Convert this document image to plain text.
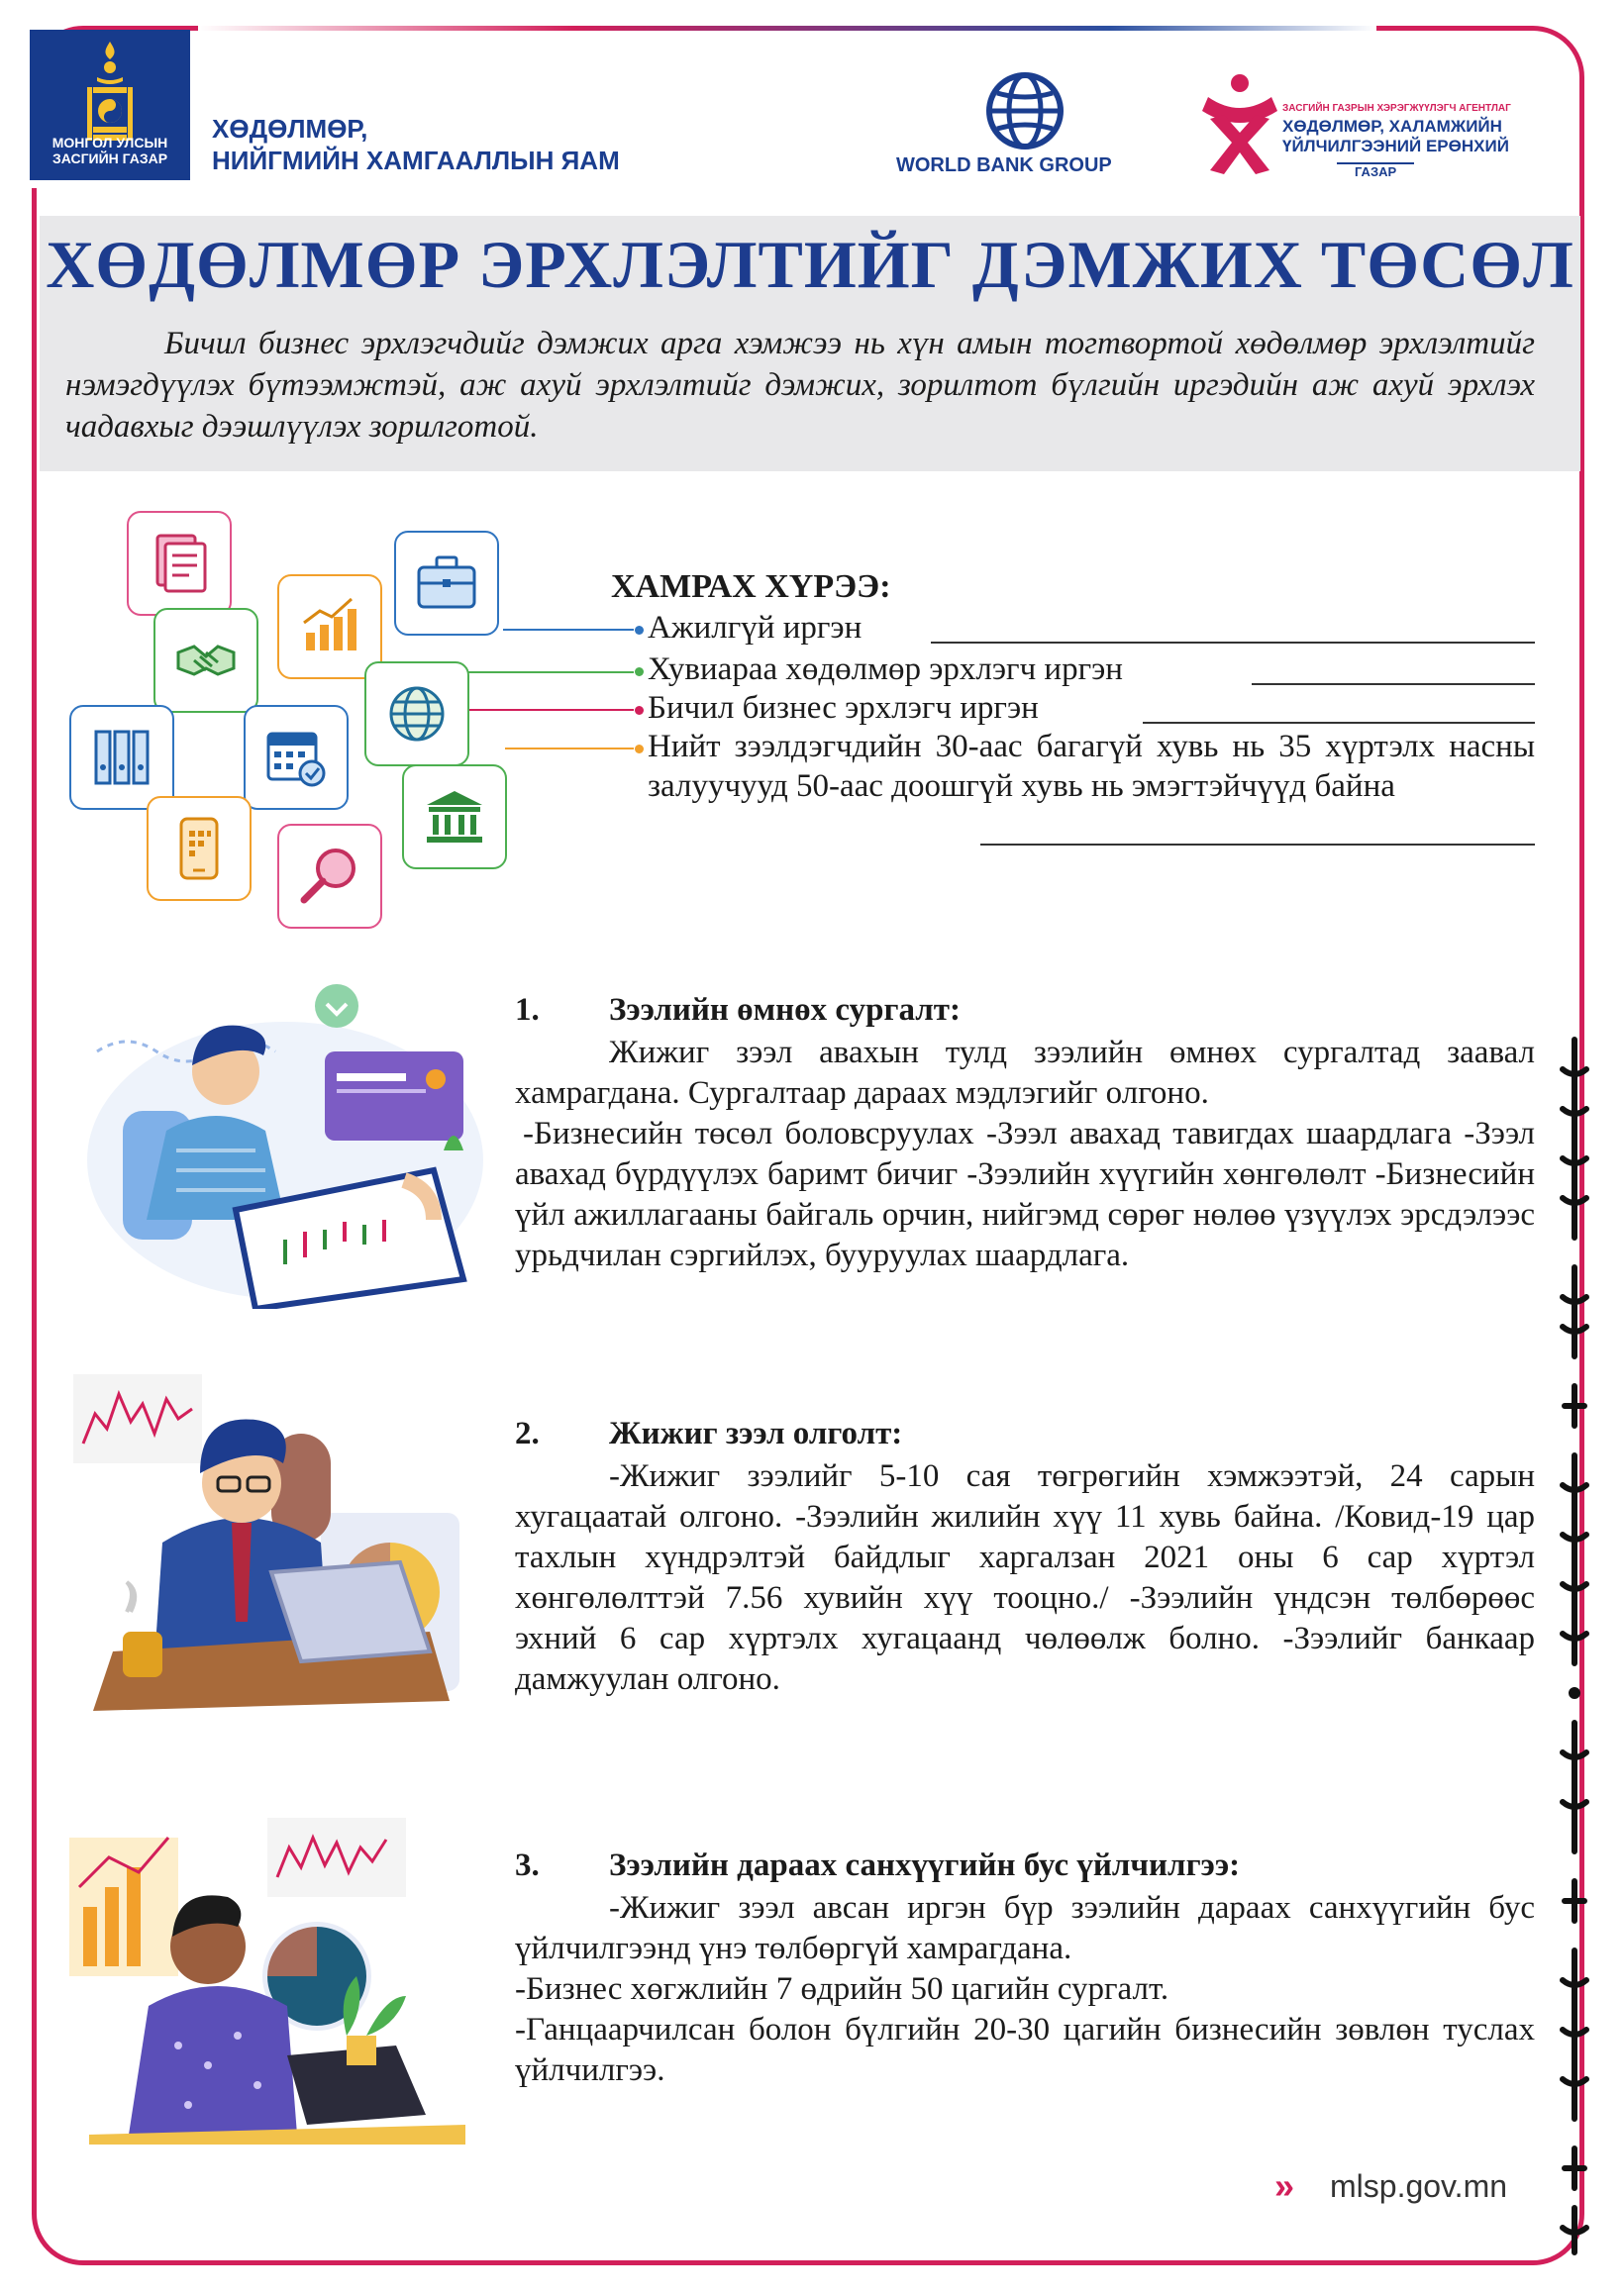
МОНГОЛ УЛСЫН
ЗАСГИЙН ГАЗАР
ХӨДӨЛМӨР,
НИЙГМИЙН ХАМГААЛЛЫН ЯАМ	WORLD BANK GROUP
ЗАСГИЙН ГАЗРЫН ХЭРЭГЖҮҮЛЭГЧ АГЕНТЛАГ
ХӨДӨЛМӨР, ХАЛАМЖИЙН
ҮЙЛЧИЛГЭЭНИЙ ЕРӨНХИЙ
ГАЗАР
ХӨДӨЛМӨР ЭРХЛЭЛТИЙГ ДЭМЖИХ ТӨСӨЛ
Бичил бизнес эрхлэгчдийг дэмжих арга хэмжээ нь хүн амын тогтвортой хөдөлмөр эрхлэлтийг нэмэгдүүлэх бүтээмжтэй, аж ахуй эрхлэлтийг дэмжих, зорилтот бүлгийн иргэдийн аж ахуй эрхлэх чадавхыг дээшлүүлэх зорилготой.
ХАМРАХ ХҮРЭЭ:
Ажилгүй иргэн
Хувиараа хөдөлмөр эрхлэгч иргэн
Бичил бизнес эрхлэгч иргэн
Нийт зээлдэгчдийн 30-аас багагүй хувь нь 35 хүртэлх насны залуучууд 50-аас доошгүй хувь нь эмэгтэйчүүд байна
1. Зээлийн өмнөх сургалт:

Жижиг зээл авахын тулд зээлийн өмнөх сургалтад заавал хамрагдана. Сургалтаар дараах мэдлэгийг олгоно.

-Бизнесийн төсөл боловсруулах -Зээл авахад тавигдах шаардлага -Зээл авахад бүрдүүлэх баримт бичиг -Зээлийн хүүгийн хөнгөлөлт -Бизнесийн үйл ажиллагааны байгаль орчин, нийгэмд сөрөг нөлөө үзүүлэх эрсдэлээс урьдчилан сэргийлэх, бууруулах шаардлага.

2. Жижиг зээл олголт:

-Жижиг зээлийг 5-10 сая төгрөгийн хэмжээтэй, 24 сарын хугацаатай олгоно. -Зээлийн жилийн хүү 11 хувь байна. /Ковид-19 цар тахлын хүндрэлтэй байдлыг харгалзан 2021 оны 6 сар хүртэл хөнгөлөлттэй 7.56 хувийн хүү тооцно./ -Зээлийн үндсэн төлбөрөөс эхний 6 сар хүртэлх хугацаанд чөлөөлж болно. -Зээлийг банкаар дамжуулан олгоно.

3. Зээлийн дараах санхүүгийн бус үйлчилгээ:

-Жижиг зээл авсан иргэн бүр зээлийн дараах санхүүгийн бус үйлчилгээнд үнэ төлбөргүй хамрагдана.

-Бизнес хөгжлийн 7 өдрийн 50 цагийн сургалт.

-Ганцаарчилсан болон бүлгийн 20-30 цагийн бизнесийн зөвлөн туслах үйлчилгээ.

» mlsp.gov.mn
